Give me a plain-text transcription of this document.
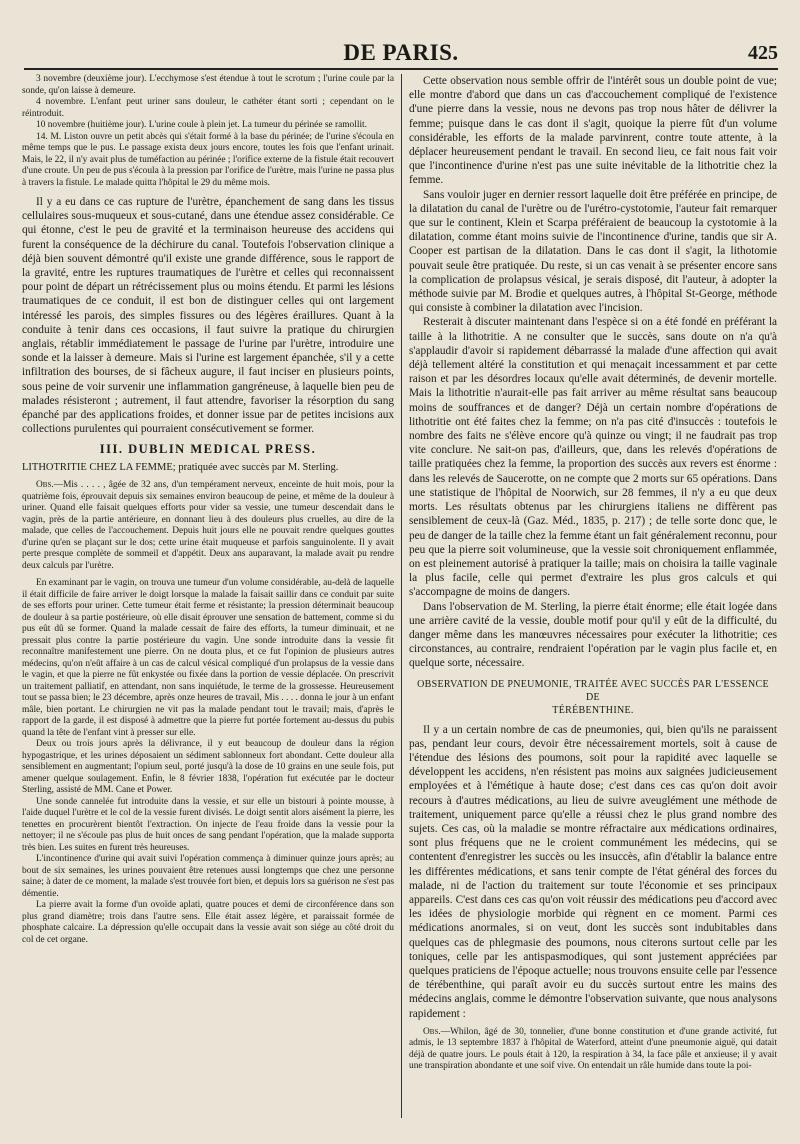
DE PARIS.	425

3 novembre (deuxième jour). L'ecchymose s'est étendue à tout le scrotum ; l'urine coule par la sonde, qu'on laisse à demeure.

4 novembre. L'enfant peut uriner sans douleur, le cathéter étant sorti ; cependant on le réintroduit.

10 novembre (huitième jour). L'urine coule à plein jet. La tumeur du périnée se ramollit.

14. M. Liston ouvre un petit abcès qui s'était formé à la base du périnée; de l'urine s'écoula en même temps que le pus. Le passage exista deux jours encore, toutes les fois que l'enfant urinait. Mais, le 22, il n'y avait plus de tuméfaction au périnée ; l'orifice externe de la fistule était recouvert d'une croute. Un peu de pus s'écoula à la pression par l'orifice de l'urètre, mais l'urine ne passa plus à travers la fistule. Le malade quitta l'hôpital le 29 du même mois.

Il y a eu dans ce cas rupture de l'urètre, épanchement de sang dans les tissus cellulaires sous-muqueux et sous-cutané, dans une étendue assez considérable. Ce qui étonne, c'est le peu de gravité et la terminaison heureuse des accidens qui furent la conséquence de la déchirure du canal. Toutefois l'observation clinique a déjà bien souvent démontré qu'il existe une grande différence, sous le rapport de la gravité, entre les ruptures traumatiques de l'urètre et celles qui reconnaissent pour point de départ un rétrécissement plus ou moins étendu. Et parmi les lésions traumatiques de ce conduit, il est bon de distinguer celles qui ont largement intéressé les parois, des simples fissures ou des légères éraillures. Quant à la conduite à tenir dans ces occasions, il faut suivre la pratique du chirurgien anglais, rétablir immédiatement le passage de l'urine par l'urètre, introduire une sonde et la laisser à demeure. Mais si l'urine est largement épanchée, s'il y a cette infiltration des bourses, de si fâcheux augure, il faut inciser en plusieurs points, sous peine de voir survenir une inflammation gangréneuse, à laquelle bien peu de malades résisteront ; autrement, il faut attendre, favoriser la résorption du sang épanché par des applications froides, et donner issue par de petites incisions aux collections purulentes qui pourraient consécutivement se former.

III. DUBLIN MEDICAL PRESS.

LITHOTRITIE CHEZ LA FEMME; pratiquée avec succès par M. Sterling.

Obs.—Mis . . . . , âgée de 32 ans, d'un tempérament nerveux, enceinte de huit mois, pour la quatrième fois, éprouvait depuis six semaines environ beaucoup de peine, et même de la douleur à uriner. Quand elle faisait quelques efforts pour vider sa vessie, une tumeur descendait dans le vagin, près de la partie antérieure, en donnant lieu à des douleurs plus cruelles, au dire de la malade, que celles de l'accouchement. Depuis huit jours elle ne pouvait rendre quelques gouttes d'urine qu'en se plaçant sur le dos; cette urine était muqueuse et parfois sanguinolente. Il y avait perte presque complète de sommeil et d'appétit. Deux ans auparavant, la malade avait pu rendre deux calculs par l'urètre.

En examinant par le vagin, on trouva une tumeur d'un volume considérable, au-delà de laquelle il était difficile de faire arriver le doigt lorsque la malade la faisait saillir dans ce conduit par suite de ses efforts pour uriner. Cette tumeur était ferme et résistante; la pression déterminait beaucoup de douleur à sa partie postérieure, où elle disait éprouver une sensation de battement, comme si du pus eût dû se former. Quand la malade cessait de faire des efforts, la tumeur diminuait, et ne pressait plus contre la partie postérieure du vagin. Une sonde introduite dans la vessie fit reconnaître manifestement une pierre. On ne douta plus, et ce fut l'opinion de plusieurs autres médecins, qu'on n'eût affaire à un cas de calcul vésical compliqué d'un prolapsus de la vessie dans le vagin, et que la pierre ne fût enkystée ou fixée dans la portion de vessie déplacée. On prescrivit un traitement palliatif, en attendant, non sans inquiétude, le terme de la grossesse. Heureusement tout se passa bien; le 23 décembre, après onze heures de travail, Mis . . . . donna le jour à un enfant mâle, bien portant. Le chirurgien ne vit pas la malade pendant tout le travail; mais, d'après le rapport de la garde, il est disposé à admettre que la pierre fut portée fortement au-dessus du pubis quand la tête de l'enfant vint à presser sur elle.

Deux ou trois jours après la délivrance, il y eut beaucoup de douleur dans la région hypogastrique, et les urines déposaient un sédiment sablonneux fort abondant. Cette douleur alla sensiblement en augmentant; l'opium seul, porté jusqu'à la dose de 10 grains en une seule fois, put amener quelque soulagement. Enfin, le 8 février 1838, l'opération fut exécutée par le docteur Sterling, assisté de MM. Cane et Power.

Une sonde cannelée fut introduite dans la vessie, et sur elle un bistouri à pointe mousse, à l'aide duquel l'urètre et le col de la vessie furent divisés. Le doigt sentit alors aisément la pierre, les tenettes en procurèrent bientôt l'extraction. On injecte de l'eau froide dans la vessie pour la nettoyer; il ne s'écoule pas plus de huit onces de sang pendant l'opération, que la malade supporta très bien. Les suites en furent très heureuses.

L'incontinence d'urine qui avait suivi l'opération commença à diminuer quinze jours après; au bout de six semaines, les urines pouvaient être retenues aussi longtemps que chez une personne saine; à dater de ce moment, la malade s'est trouvée fort bien, et depuis lors sa guérison ne s'est pas démentie.

La pierre avait la forme d'un ovoïde aplati, quatre pouces et demi de circonférence dans son plus grand diamètre; trois dans l'autre sens. Elle était assez légère, et paraissait formée de phosphate calcaire. La dépression qu'elle occupait dans la vessie avait son siége au côté droit du col de cet organe.

Cette observation nous semble offrir de l'intérêt sous un double point de vue; elle montre d'abord que dans un cas d'accouchement compliqué de l'existence d'une pierre dans la vessie, nous ne devons pas trop nous hâter de délivrer la femme; puisque dans le cas dont il s'agit, quoique la pierre fût d'un volume considérable, les efforts de la malade parvinrent, contre toute attente, à la déplacer heureusement pendant le travail. En second lieu, ce fait nous fait voir que l'incontinence d'urine n'est pas une suite inévitable de la lithotritie chez la femme.

Sans vouloir juger en dernier ressort laquelle doit être préférée en principe, de la dilatation du canal de l'urètre ou de l'urétro-cystotomie, l'auteur fait remarquer que sur le continent, Klein et Scarpa préféraient de beaucoup la cystotomie à la dilatation, comme étant moins suivie de l'incontinence d'urine, tandis que sir A. Cooper est partisan de la dilatation. Dans le cas dont il s'agit, la lithotomie pouvait seule être pratiquée. Du reste, si un cas venait à se présenter encore sans la complication de prolapsus vésical, je serais disposé, dit l'auteur, à adopter la méthode suivie par M. Brodie et quelques autres, à l'hôpital St-George, méthode qui consiste à combiner la dilatation avec l'incision.

Resterait à discuter maintenant dans l'espèce si on a été fondé en préférant la taille à la lithotritie. A ne consulter que le succès, sans doute on n'a qu'à s'applaudir d'avoir si rapidement débarrassé la malade d'une affection qui avait déjà tellement altéré la constitution et qui menaçait incessamment et par cette raison et par les désordres locaux qu'elle avait déterminés, de devenir mortelle. Mais la lithotritie n'aurait-elle pas fait arriver au même résultat sans beaucoup moins de souffrances et de danger? Déjà un certain nombre d'opérations de lithotritie ont été faites chez la femme; on n'a pas cité d'insuccès : toutefois le nombre des faits ne s'élève encore qu'à quinze ou vingt; il ne faudrait pas trop vite conclure. Ne sait-on pas, d'ailleurs, que, dans les relevés d'opérations de taille pratiquées chez la femme, la proportion des succès aux revers est énorme : dans les relevés de Saucerotte, on ne compte que 2 morts sur 65 opérations. Dans une statistique de l'hôpital de Noorwich, sur 28 femmes, il n'y a eu que deux morts. Les résultats obtenus par les chirurgiens italiens ne diffèrent pas sensiblement de ceux-là (Gaz. Méd., 1835, p. 217) ; de telle sorte donc que, le peu de danger de la taille chez la femme étant un fait généralement reconnu, pour peu que la pierre soit volumineuse, que la vessie soit chroniquement enflammée, on est pleinement autorisé à pratiquer la taille; mais on choisira la taille vaginale la plus facile, celle qui permet d'extraire les plus gros calculs et qui s'accompagne de moins de dangers.

Dans l'observation de M. Sterling, la pierre était énorme; elle était logée dans une arrière cavité de la vessie, double motif pour qu'il y eût de la difficulté, du danger même dans les manœuvres nécessaires pour exécuter la lithotritie; ces circonstances, au contraire, rendraient l'opération par le vagin plus facile et, en quelque sorte, nécessaire.

OBSERVATION DE PNEUMONIE, TRAITÉE AVEC SUCCÈS PAR L'ESSENCE DE
TÉRÉBENTHINE.

Il y a un certain nombre de cas de pneumonies, qui, bien qu'ils ne paraissent pas, pendant leur cours, devoir être nécessairement mortels, soit à cause de l'étendue des lésions des poumons, soit pour la rapidité avec laquelle se développent les accidens, n'en résistent pas moins aux saignées judicieusement employées et à l'émétique à haute dose; c'est dans ces cas qu'on doit avoir recours à d'autres médications, au lieu de suivre aveuglément une méthode de traitement, uniquement parce qu'elle a réussi chez le plus grand nombre des sujets. Ces cas, où la maladie se montre réfractaire aux médications ordinaires, sont plus fréquens que ne le croient communément les médecins, qui se contentent d'enregistrer les succès ou les insuccès, afin d'établir la balance entre les différentes médications, et sans tenir compte de l'état général des forces du malade, ni de l'action du traitement sur toute l'économie et ses principaux appareils. C'est dans ces cas qu'on voit réussir des médications peu d'accord avec les idées de physiologie morbide qui règnent en ce moment. Parmi ces médications anormales, si on veut, dont les succès sont indubitables dans quelques cas de phlegmasie des poumons, nous citerons surtout celle par les toniques, celle par les antispasmodiques, qui sont justement appréciées par quelques praticiens de l'époque actuelle; nous trouvons ensuite celle par l'essence de térébenthine, qui paraît avoir eu du succès surtout entre les mains des médecins anglais, comme le démontre l'observation suivante, que nous analysons rapidement :

Obs.—Whilon, âgé de 30, tonnelier, d'une bonne constitution et d'une grande activité, fut admis, le 13 septembre 1837 à l'hôpital de Waterford, atteint d'une pneumonie aiguë, qui datait déjà de quatre jours. Le pouls était à 120, la respiration à 34, la face pâle et anxieuse; il y avait une transpiration abondante et une soif vive. On entendait un râle humide dans toute la poi-
